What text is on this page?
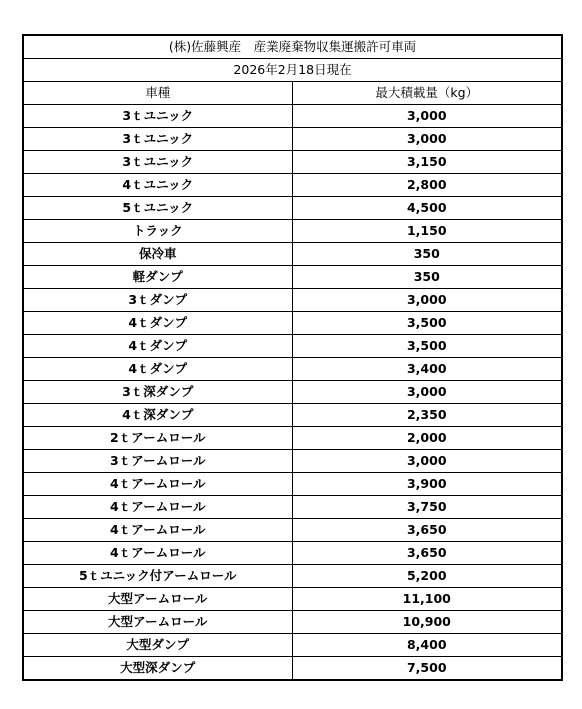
(株)佐藤興産　産業廃棄物収集運搬許可車両	
2026年2月18日現在	
車種	最大積載量（kg）
3ｔユニック	3,000
3ｔユニック	3,000
3ｔユニック	3,150
4ｔユニック	2,800
5ｔユニック	4,500
トラック	1,150
保冷車	350
軽ダンプ	350
3ｔダンプ	3,000
4ｔダンプ	3,500
4ｔダンプ	3,500
4ｔダンプ	3,400
3ｔ深ダンプ	3,000
4ｔ深ダンプ	2,350
2ｔアームロール	2,000
3ｔアームロール	3,000
4ｔアームロール	3,900
4ｔアームロール	3,750
4ｔアームロール	3,650
4ｔアームロール	3,650
5ｔユニック付アームロール	5,200
大型アームロール	11,100
大型アームロール	10,900
大型ダンプ	8,400
大型深ダンプ	7,500
